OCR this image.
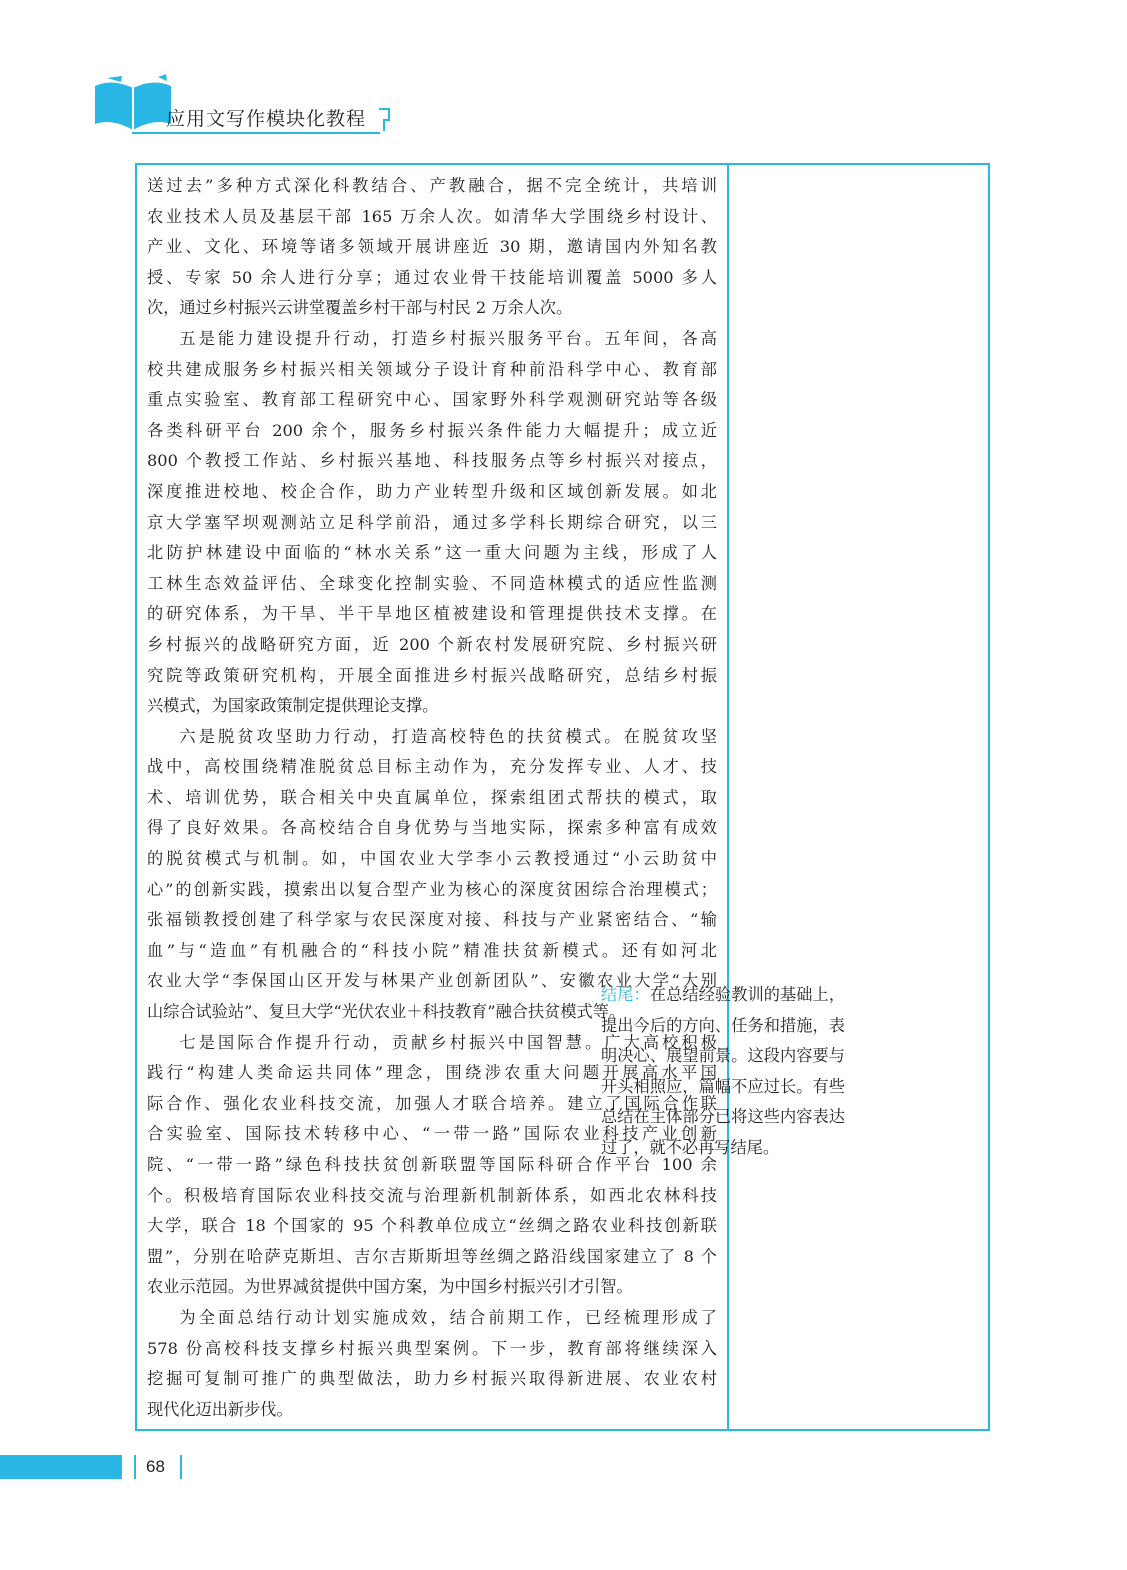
应用文写作模块化教程

送过去”多种方式深化科教结合、产教融合，据不完全统计，共培训

农业技术人员及基层干部 165 万余人次。如清华大学围绕乡村设计、

产业、文化、环境等诸多领域开展讲座近 30 期，邀请国内外知名教

授、专家 50 余人进行分享；通过农业骨干技能培训覆盖 5000 多人

次，通过乡村振兴云讲堂覆盖乡村干部与村民 2 万余人次。

五是能力建设提升行动，打造乡村振兴服务平台。五年间，各高

校共建成服务乡村振兴相关领域分子设计育种前沿科学中心、教育部

重点实验室、教育部工程研究中心、国家野外科学观测研究站等各级

各类科研平台 200 余个，服务乡村振兴条件能力大幅提升；成立近

800 个教授工作站、乡村振兴基地、科技服务点等乡村振兴对接点，

深度推进校地、校企合作，助力产业转型升级和区域创新发展。如北

京大学塞罕坝观测站立足科学前沿，通过多学科长期综合研究，以三

北防护林建设中面临的“林水关系”这一重大问题为主线，形成了人

工林生态效益评估、全球变化控制实验、不同造林模式的适应性监测

的研究体系，为干旱、半干旱地区植被建设和管理提供技术支撑。在

乡村振兴的战略研究方面，近 200 个新农村发展研究院、乡村振兴研

究院等政策研究机构，开展全面推进乡村振兴战略研究，总结乡村振

兴模式，为国家政策制定提供理论支撑。

六是脱贫攻坚助力行动，打造高校特色的扶贫模式。在脱贫攻坚

战中，高校围绕精准脱贫总目标主动作为，充分发挥专业、人才、技

术、培训优势，联合相关中央直属单位，探索组团式帮扶的模式，取

得了良好效果。各高校结合自身优势与当地实际，探索多种富有成效

的脱贫模式与机制。如，中国农业大学李小云教授通过“小云助贫中

心”的创新实践，摸索出以复合型产业为核心的深度贫困综合治理模式；

张福锁教授创建了科学家与农民深度对接、科技与产业紧密结合、“输

血”与“造血”有机融合的“科技小院”精准扶贫新模式。还有如河北

农业大学“李保国山区开发与林果产业创新团队”、安徽农业大学“大别

山综合试验站”、复旦大学“光伏农业＋科技教育”融合扶贫模式等。

七是国际合作提升行动，贡献乡村振兴中国智慧。广大高校积极

践行“构建人类命运共同体”理念，围绕涉农重大问题开展高水平国

际合作、强化农业科技交流，加强人才联合培养。建立了国际合作联

合实验室、国际技术转移中心、“一带一路”国际农业科技产业创新

院、“一带一路”绿色科技扶贫创新联盟等国际科研合作平台 100 余

个。积极培育国际农业科技交流与治理新机制新体系，如西北农林科技

大学，联合 18 个国家的 95 个科教单位成立“丝绸之路农业科技创新联

盟”，分别在哈萨克斯坦、吉尔吉斯斯坦等丝绸之路沿线国家建立了 8 个

农业示范园。为世界减贫提供中国方案，为中国乡村振兴引才引智。

为全面总结行动计划实施成效，结合前期工作，已经梳理形成了

578 份高校科技支撑乡村振兴典型案例。下一步，教育部将继续深入

挖掘可复制可推广的典型做法，助力乡村振兴取得新进展、农业农村

现代化迈出新步伐。

结尾：在总结经验教训的基础上，提出今后的方向、任务和措施，表明决心、展望前景。这段内容要与开头相照应，篇幅不应过长。有些总结在主体部分已将这些内容表达过了，就不必再写结尾。
68
